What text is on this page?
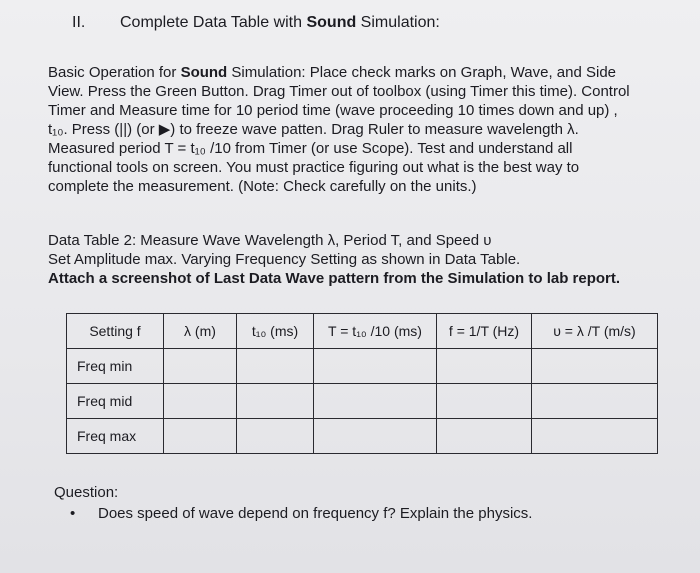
II. Complete Data Table with Sound Simulation:
Basic Operation for Sound Simulation: Place check marks on Graph, Wave, and Side
View. Press the Green Button. Drag Timer out of toolbox (using Timer this time). Control
Timer and Measure time for 10 period time (wave proceeding 10 times down and up) ,
t₁₀. Press (||) (or ▶) to freeze wave patten. Drag Ruler to measure wavelength λ.
Measured period T = t₁₀ /10 from Timer (or use Scope). Test and understand all
functional tools on screen. You must practice figuring out what is the best way to
complete the measurement. (Note: Check carefully on the units.)
Data Table 2: Measure Wave Wavelength λ, Period T, and Speed υ
Set Amplitude max. Varying Frequency Setting as shown in Data Table.
Attach a screenshot of Last Data Wave pattern from the Simulation to lab report.
Setting f	λ (m)	t₁₀ (ms)	T = t₁₀ /10 (ms)	f = 1/T (Hz)	υ = λ /T (m/s)
Freq min					
Freq mid					
Freq max					
Question:
• Does speed of wave depend on frequency f? Explain the physics.
